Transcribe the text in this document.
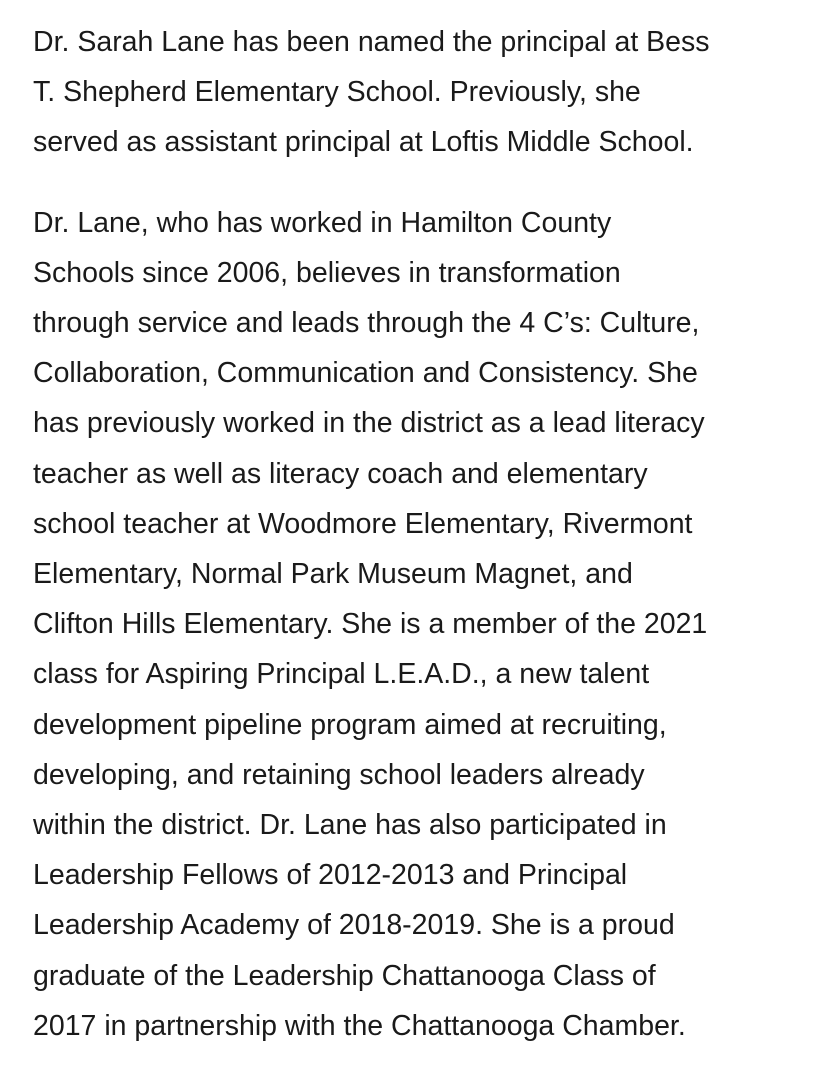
Dr. Sarah Lane has been named the principal at Bess
T. Shepherd Elementary School. Previously, she
served as assistant principal at Loftis Middle School.

Dr. Lane, who has worked in Hamilton County
Schools since 2006, believes in transformation
through service and leads through the 4 C’s: Culture,
Collaboration, Communication and Consistency. She
has previously worked in the district as a lead literacy
teacher as well as literacy coach and elementary
school teacher at Woodmore Elementary, Rivermont
Elementary, Normal Park Museum Magnet, and
Clifton Hills Elementary. She is a member of the 2021
class for Aspiring Principal L.E.A.D., a new talent
development pipeline program aimed at recruiting,
developing, and retaining school leaders already
within the district. Dr. Lane has also participated in
Leadership Fellows of 2012-2013 and Principal
Leadership Academy of 2018-2019. She is a proud
graduate of the Leadership Chattanooga Class of
2017 in partnership with the Chattanooga Chamber.
